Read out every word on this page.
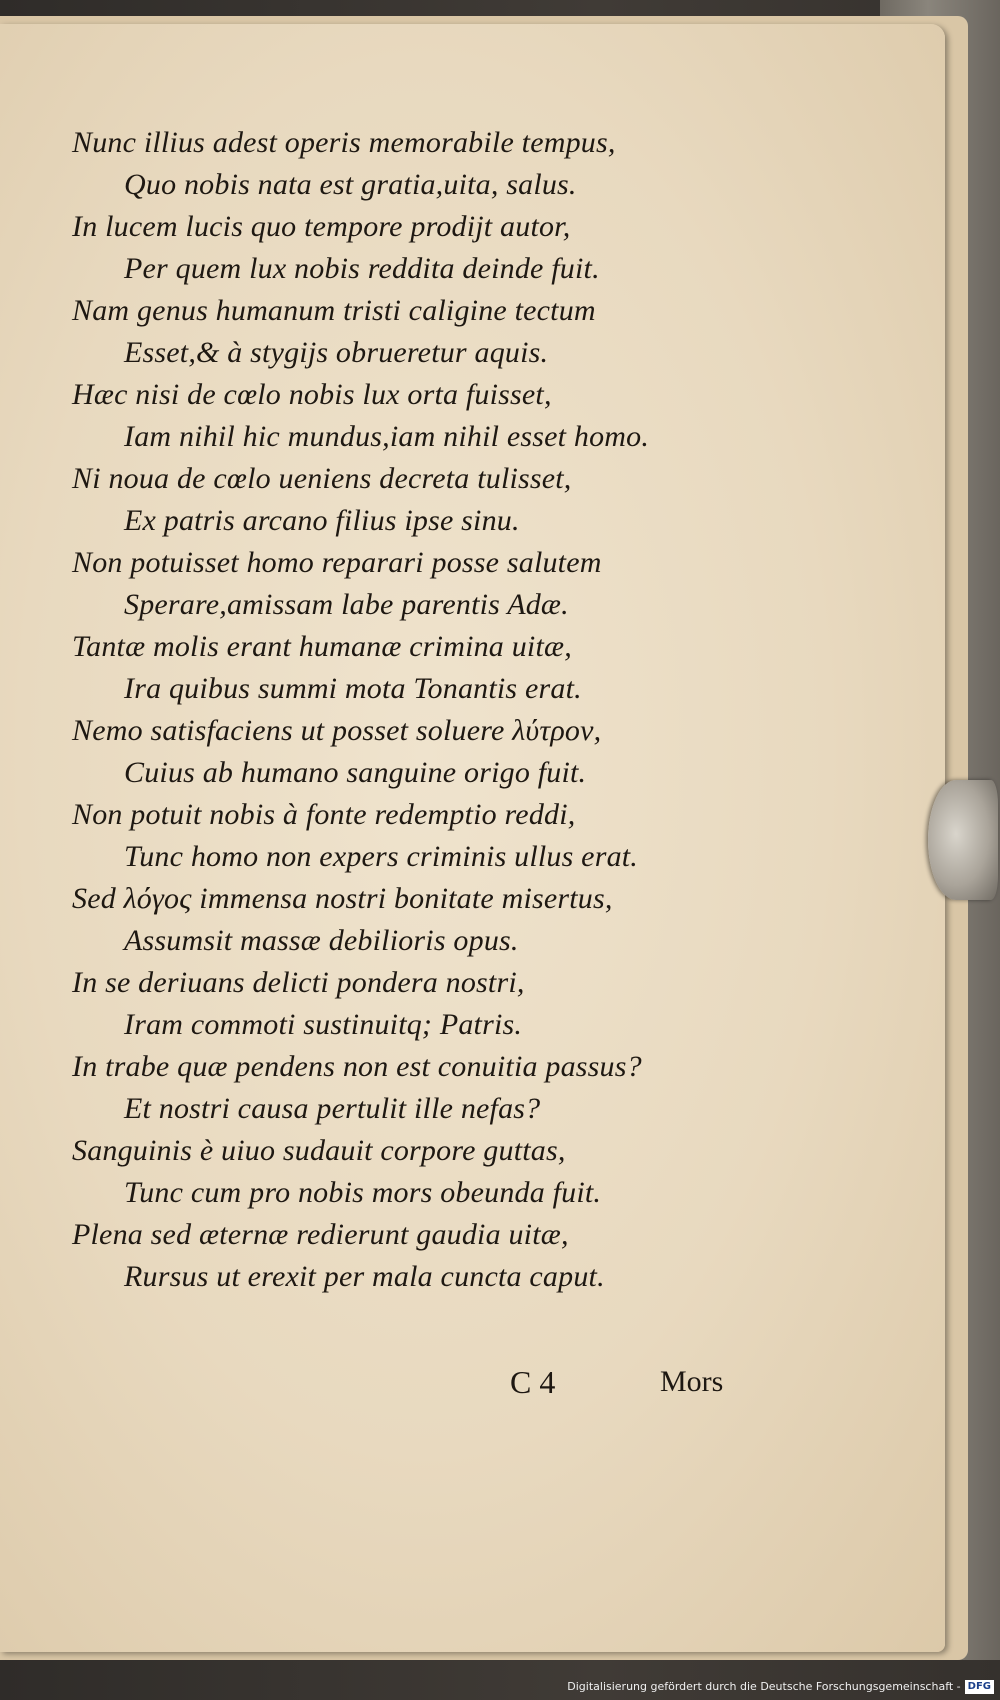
Nunc illius adest operis memorabile tempus,
Quo nobis nata est gratia,uita, salus.
In lucem lucis quo tempore prodijt autor,
Per quem lux nobis reddita deinde fuit.
Nam genus humanum tristi caligine tectum
Esset,& à stygijs obrueretur aquis.
Hæc nisi de cœlo nobis lux orta fuisset,
Iam nihil hic mundus,iam nihil esset homo.
Ni noua de cœlo ueniens decreta tulisset,
Ex patris arcano filius ipse sinu.
Non potuisset homo reparari posse salutem
Sperare,amissam labe parentis Adæ.
Tantæ molis erant humanæ crimina uitæ,
Ira quibus summi mota Tonantis erat.
Nemo satisfaciens ut posset soluere λύτρον,
Cuius ab humano sanguine origo fuit.
Non potuit nobis à fonte redemptio reddi,
Tunc homo non expers criminis ullus erat.
Sed λόγος immensa nostri bonitate misertus,
Assumsit massæ debilioris opus.
In se deriuans delicti pondera nostri,
Iram commoti sustinuitq; Patris.
In trabe quæ pendens non est conuitia passus?
Et nostri causa pertulit ille nefas?
Sanguinis è uiuo sudauit corpore guttas,
Tunc cum pro nobis mors obeunda fuit.
Plena sed æternæ redierunt gaudia uitæ,
Rursus ut erexit per mala cuncta caput.
C 4	Mors
Digitalisierung gefördert durch die Deutsche Forschungsgemeinschaft - DFG
